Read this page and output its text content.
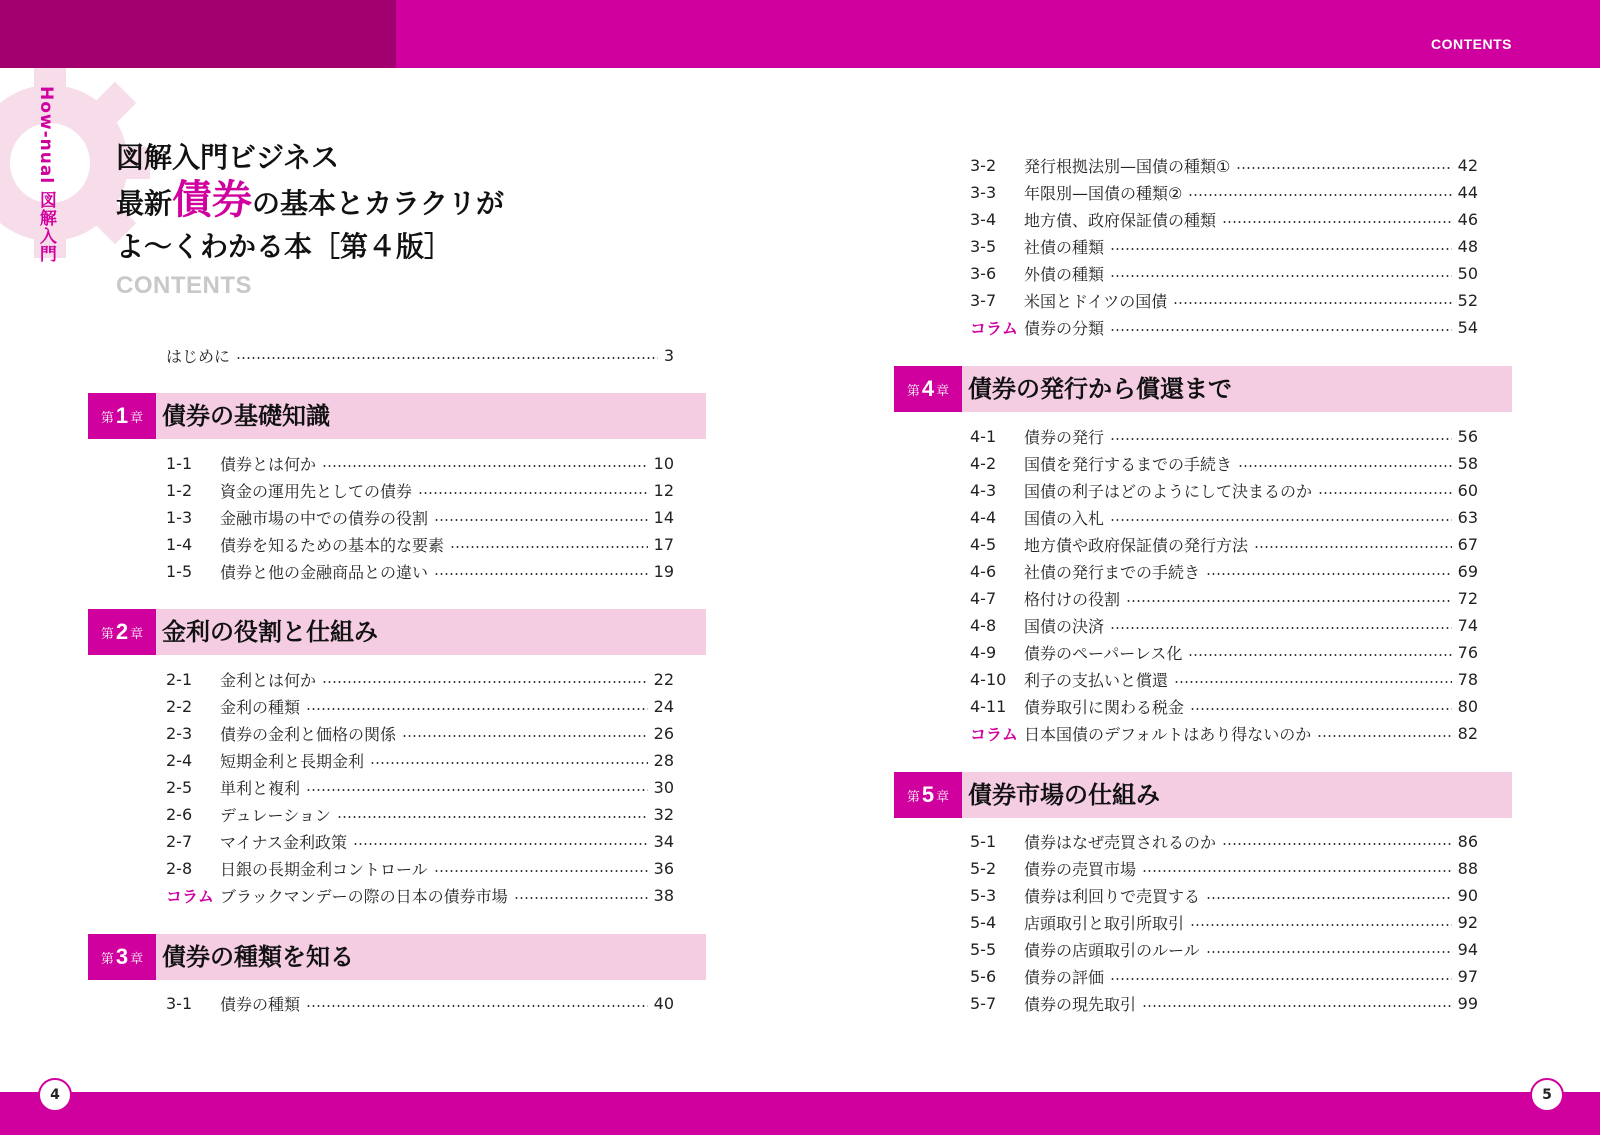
CONTENTS
How-nual 図解入門 図解入門ビジネス
最新債券の基本とカラクリが
よ〜くわかる本［第４版］
CONTENTS
はじめに	3
第 1 章 債券の基礎知識
1-1	債券とは何か	10
1-2	資金の運用先としての債券	12
1-3	金融市場の中での債券の役割	14
1-4	債券を知るための基本的な要素	17
1-5	債券と他の金融商品との違い	19
第 2 章 金利の役割と仕組み
2-1	金利とは何か	22
2-2	金利の種類	24
2-3	債券の金利と価格の関係	26
2-4	短期金利と長期金利	28
2-5	単利と複利	30
2-6	デュレーション	32
2-7	マイナス金利政策	34
2-8	日銀の長期金利コントロール	36
コラム ブラックマンデーの際の日本の債券市場	38
第 3 章 債券の種類を知る
3-1	債券の種類	40
3-2	発行根拠法別—国債の種類①	42
3-3	年限別—国債の種類②	44
3-4	地方債、政府保証債の種類	46
3-5	社債の種類	48
3-6	外債の種類	50
3-7	米国とドイツの国債	52
コラム 債券の分類	54
第 4 章 債券の発行から償還まで
4-1	債券の発行	56
4-2	国債を発行するまでの手続き	58
4-3	国債の利子はどのようにして決まるのか	60
4-4	国債の入札	63
4-5	地方債や政府保証債の発行方法	67
4-6	社債の発行までの手続き	69
4-7	格付けの役割	72
4-8	国債の決済	74
4-9	債券のペーパーレス化	76
4-10	利子の支払いと償還	78
4-11	債券取引に関わる税金	80
コラム 日本国債のデフォルトはあり得ないのか	82
第 5 章 債券市場の仕組み
5-1	債券はなぜ売買されるのか	86
5-2	債券の売買市場	88
5-3	債券は利回りで売買する	90
5-4	店頭取引と取引所取引	92
5-5	債券の店頭取引のルール	94
5-6	債券の評価	97
5-7	債券の現先取引	99
4	5
